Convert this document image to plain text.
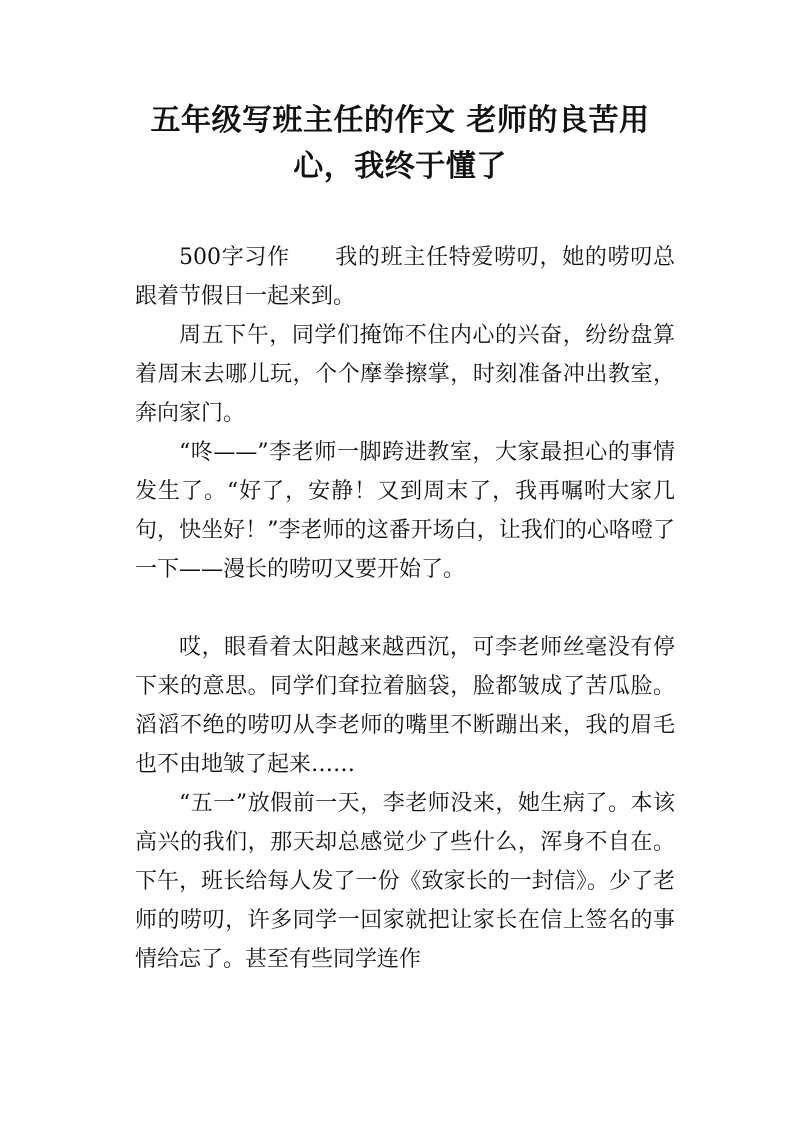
五年级写班主任的作文 老师的良苦用
心，我终于懂了

500字习作　　我的班主任特爱唠叨，她的唠叨总跟着节假日一起来到。

周五下午，同学们掩饰不住内心的兴奋，纷纷盘算着周末去哪儿玩，个个摩拳擦掌，时刻准备冲出教室，奔向家门。

“咚——”李老师一脚跨进教室，大家最担心的事情发生了。“好了，安静！又到周末了，我再嘱咐大家几句，快坐好！”李老师的这番开场白，让我们的心咯噔了一下——漫长的唠叨又要开始了。

哎，眼看着太阳越来越西沉，可李老师丝毫没有停下来的意思。同学们耷拉着脑袋，脸都皱成了苦瓜脸。滔滔不绝的唠叨从李老师的嘴里不断蹦出来，我的眉毛也不由地皱了起来……

“五一”放假前一天，李老师没来，她生病了。本该高兴的我们，那天却总感觉少了些什么，浑身不自在。下午，班长给每人发了一份《致家长的一封信》。少了老师的唠叨，许多同学一回家就把让家长在信上签名的事情给忘了。甚至有些同学连作
